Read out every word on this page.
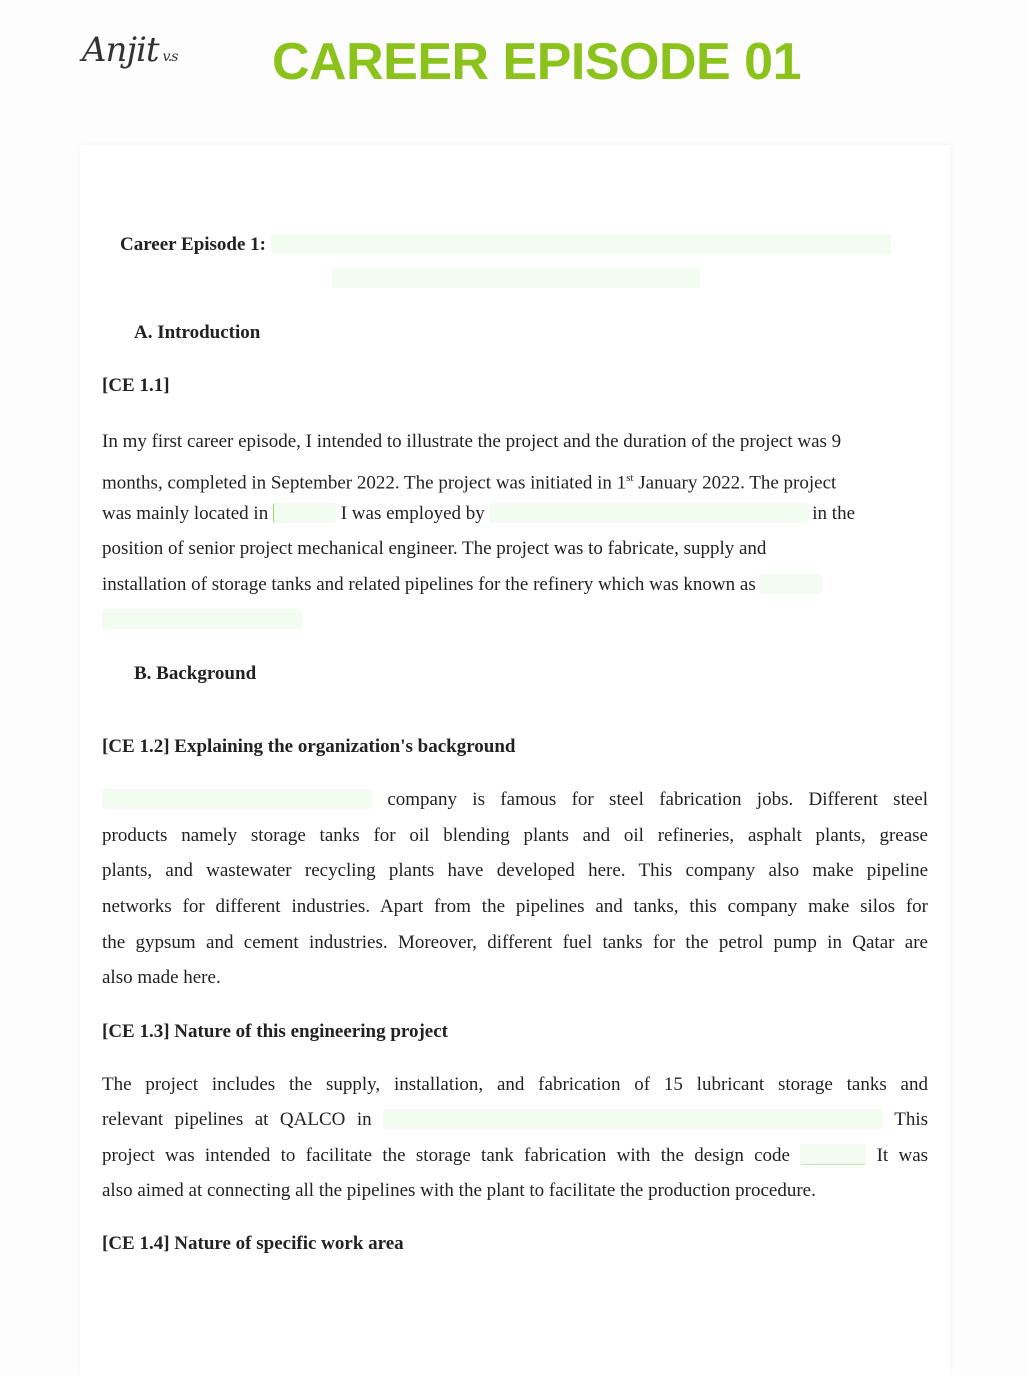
Anjit v.s CAREER EPISODE 01
Career Episode 1:
A. Introduction
[CE 1.1]
In my first career episode, I intended to illustrate the project and the duration of the project was 9
months, completed in September 2022. The project was initiated in 1st January 2022. The project
was mainly located in	I was employed by	in the
position of senior project mechanical engineer. The project was to fabricate, supply and
installation of storage tanks and related pipelines for the refinery which was known as
B. Background
[CE 1.2] Explaining the organization's background
company is famous for steel fabrication jobs. Different steel
products namely storage tanks for oil blending plants and oil refineries, asphalt plants, grease
plants, and wastewater recycling plants have developed here. This company also make pipeline
networks for different industries. Apart from the pipelines and tanks, this company make silos for
the gypsum and cement industries. Moreover, different fuel tanks for the petrol pump in Qatar are
also made here.
[CE 1.3] Nature of this engineering project
The project includes the supply, installation, and fabrication of 15 lubricant storage tanks and
relevant pipelines at QALCO in	This
project was intended to facilitate the storage tank fabrication with the design code	It was
also aimed at connecting all the pipelines with the plant to facilitate the production procedure.
[CE 1.4] Nature of specific work area
